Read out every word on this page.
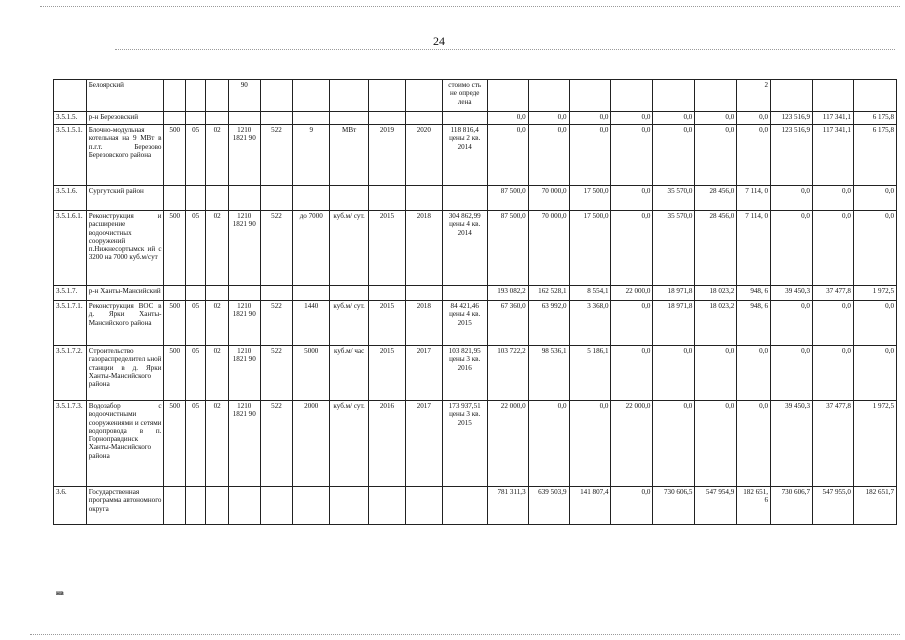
24
	Белоярский				90						стоимо сть не опреде лена							2			
3.5.1.5.	р-н Березовский											0,0	0,0	0,0	0,0	0,0	0,0	0,0	123 516,9	117 341,1	6 175,8
3.5.1.5.1.	Блочно-модульная котельная на 9 МВт в п.г.т. Березово Березовского района	500	05	02	1210 1821 90	522	9	МВт	2019	2020	118 816,4 цены 2 кв. 2014	0,0	0,0	0,0	0,0	0,0	0,0	0,0	123 516,9	117 341,1	6 175,8
3.5.1.6.	Сургутский район											87 500,0	70 000,0	17 500,0	0,0	35 570,0	28 456,0	7 114, 0	0,0	0,0	0,0
3.5.1.6.1.	Реконструкция и расширение водоочистных сооружений п.Нижнесортымск ий с 3200 на 7000 куб.м/сут	500	05	02	1210 1821 90	522	до 7000	куб.м/ сут.	2015	2018	304 862,99 цены 4 кв. 2014	87 500,0	70 000,0	17 500,0	0,0	35 570,0	28 456,0	7 114, 0	0,0	0,0	0,0
3.5.1.7.	р-н Ханты-Мансийский											193 082,2	162 528,1	8 554,1	22 000,0	18 971,8	18 023,2	948, 6	39 450,3	37 477,8	1 972,5
3.5.1.7.1.	Реконструкция ВОС в д. Ярки Ханты-Мансийского района	500	05	02	1210 1821 90	522	1440	куб.м/ сут.	2015	2018	84 421,46 цены 4 кв. 2015	67 360,0	63 992,0	3 368,0	0,0	18 971,8	18 023,2	948, 6	0,0	0,0	0,0
3.5.1.7.2.	Строительство газораспределител ьной станции в д. Ярки Ханты-Мансийского района	500	05	02	1210 1821 90	522	5000	куб.м/ час	2015	2017	103 821,95 цены 3 кв. 2016	103 722,2	98 536,1	5 186,1	0,0	0,0	0,0	0,0	0,0	0,0	0,0
3.5.1.7.3.	Водозабор с водоочистными сооружениями и сетями водопровода в п. Горноправдинск Ханты-Мансийского района	500	05	02	1210 1821 90	522	2000	куб.м/ сут.	2016	2017	173 937,51 цены 3 кв. 2015	22 000,0	0,0	0,0	22 000,0	0,0	0,0	0,0	39 450,3	37 477,8	1 972,5
3.6.	Государственная программа автономного округа											781 311,3	639 503,9	141 807,4	0,0	730 606,5	547 954,9	182 651, 6	730 606,7	547 955,0	182 651,7
нв
